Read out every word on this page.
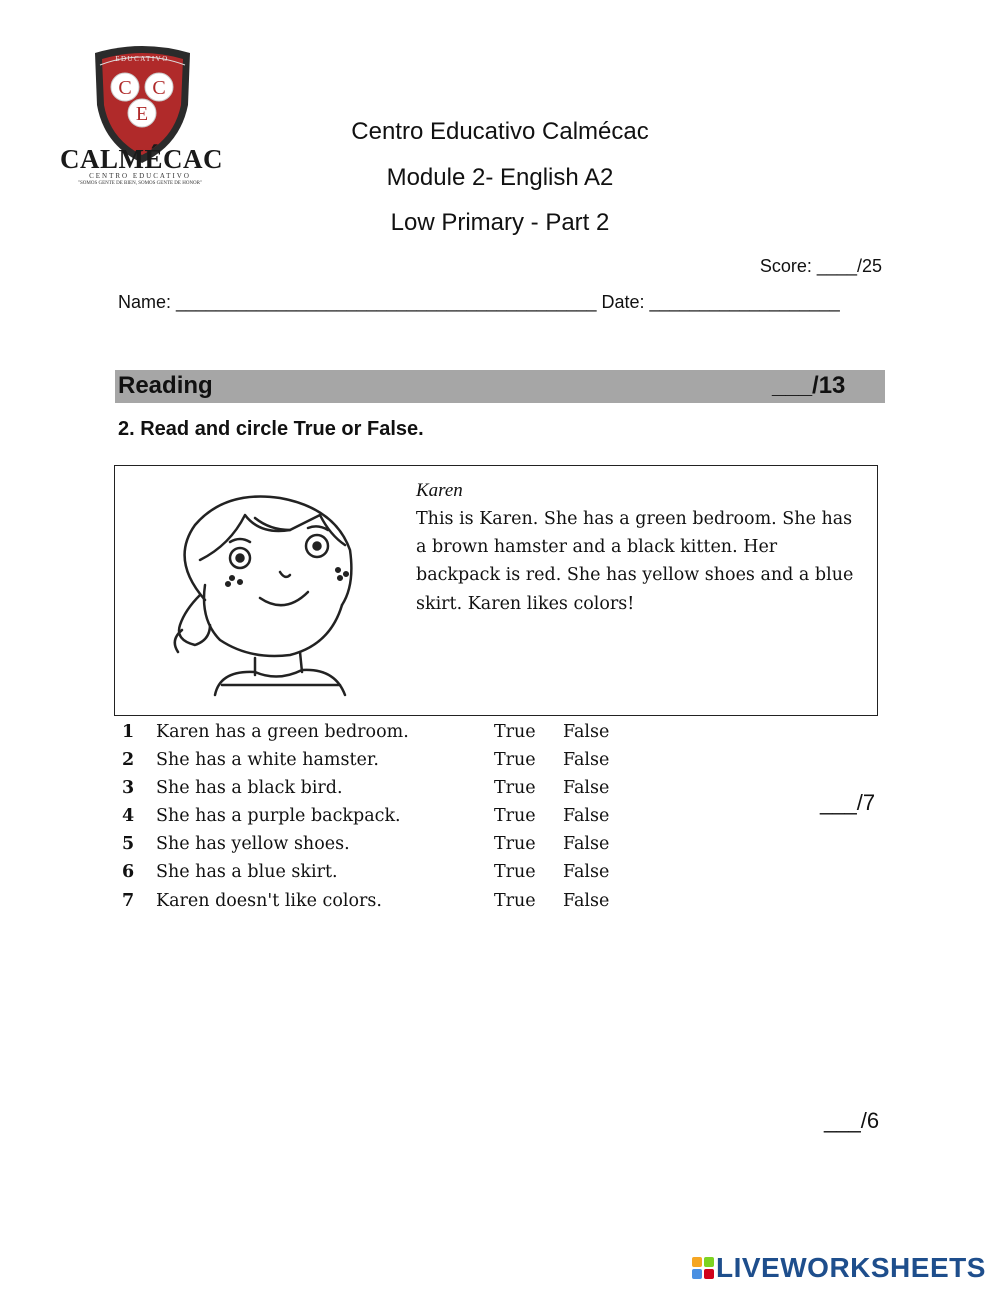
EDUCATIVO
C C
E
CALMÉCAC
CENTRO EDUCATIVO
"SOMOS GENTE DE BIEN, SOMOS GENTE DE HONOR"
Centro Educativo Calmécac
Module 2- English A2
Low Primary - Part 2
Score: ____/25
Name: __________________________________________ Date: ___________________
Reading	___/13
2. Read and circle True or False.
Karen
This is Karen. She has a green bedroom. She has a brown hamster and a black kitten. Her backpack is red. She has yellow shoes and a blue skirt. Karen likes colors!
1 Karen has a green bedroom.	True False
2 She has a white hamster.	True False
3 She has a black bird.	True False
4 She has a purple backpack.	True False
5 She has yellow shoes.	True False
6 She has a blue skirt.	True False
7 Karen doesn't like colors.	True False
___/7
___/6
LIVEWORKSHEETS
